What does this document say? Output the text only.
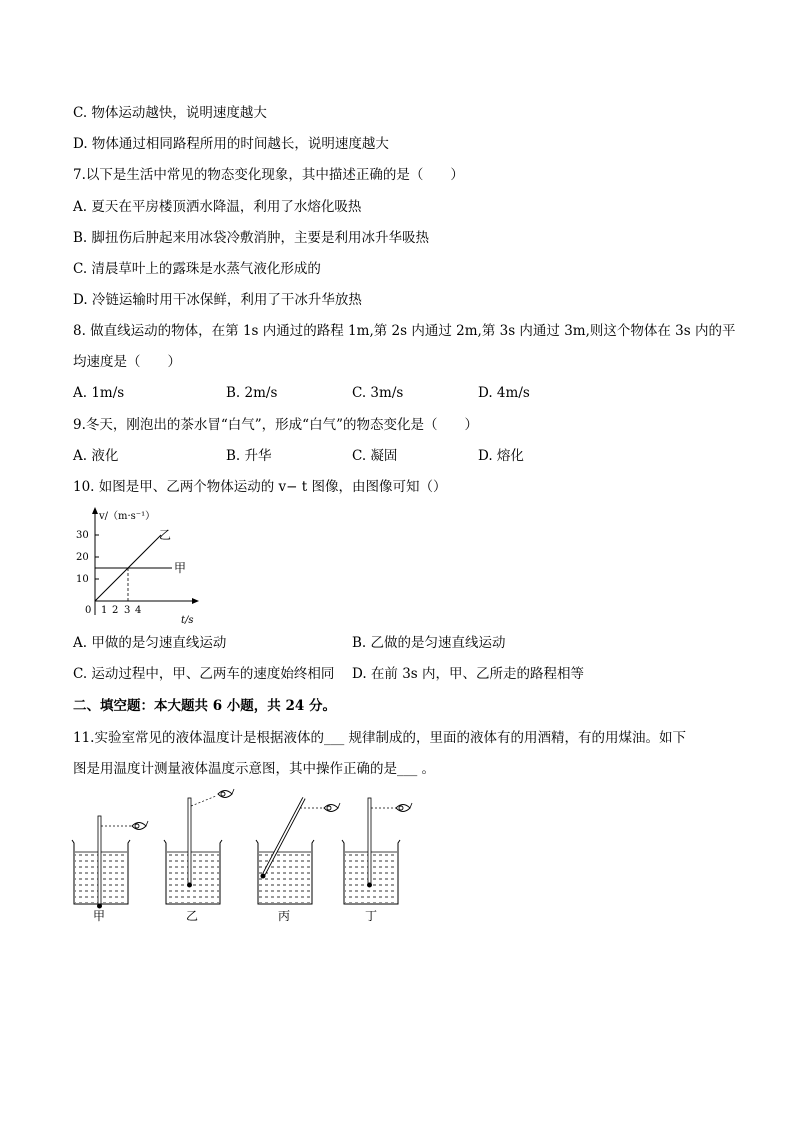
C. 物体运动越快，说明速度越大
D. 物体通过相同路程所用的时间越长，说明速度越大
7.以下是生活中常见的物态变化现象，其中描述正确的是（　　）
A. 夏天在平房楼顶洒水降温，利用了水熔化吸热
B. 脚扭伤后肿起来用冰袋冷敷消肿，主要是利用冰升华吸热
C. 清晨草叶上的露珠是水蒸气液化形成的
D. 冷链运输时用干冰保鲜，利用了干冰升华放热
8. 做直线运动的物体，在第 1s 内通过的路程 1m,第 2s 内通过 2m,第 3s 内通过 3m,则这个物体在 3s 内的平
均速度是（　　）
A. 1m/s	B. 2m/s	C. 3m/s	D. 4m/s
9.冬天，刚泡出的茶水冒“白气”，形成“白气”的物态变化是（　　）
A. 液化	B. 升华	C. 凝固	D. 熔化
10. 如图是甲、乙两个物体运动的 v− t 图像，由图像可知（）
v/（m·s⁻¹）
30
20
10
0 1 2 3 4
t/s
乙
甲
A. 甲做的是匀速直线运动	B. 乙做的是匀速直线运动
C. 运动过程中，甲、乙两车的速度始终相同 D. 在前 3s 内，甲、乙所走的路程相等
二、填空题：本大题共 6 小题，共 24 分。
11.实验室常见的液体温度计是根据液体的___ 规律制成的，里面的液体有的用酒精，有的用煤油。如下
图是用温度计测量液体温度示意图，其中操作正确的是___ 。
甲	乙	丙	丁
